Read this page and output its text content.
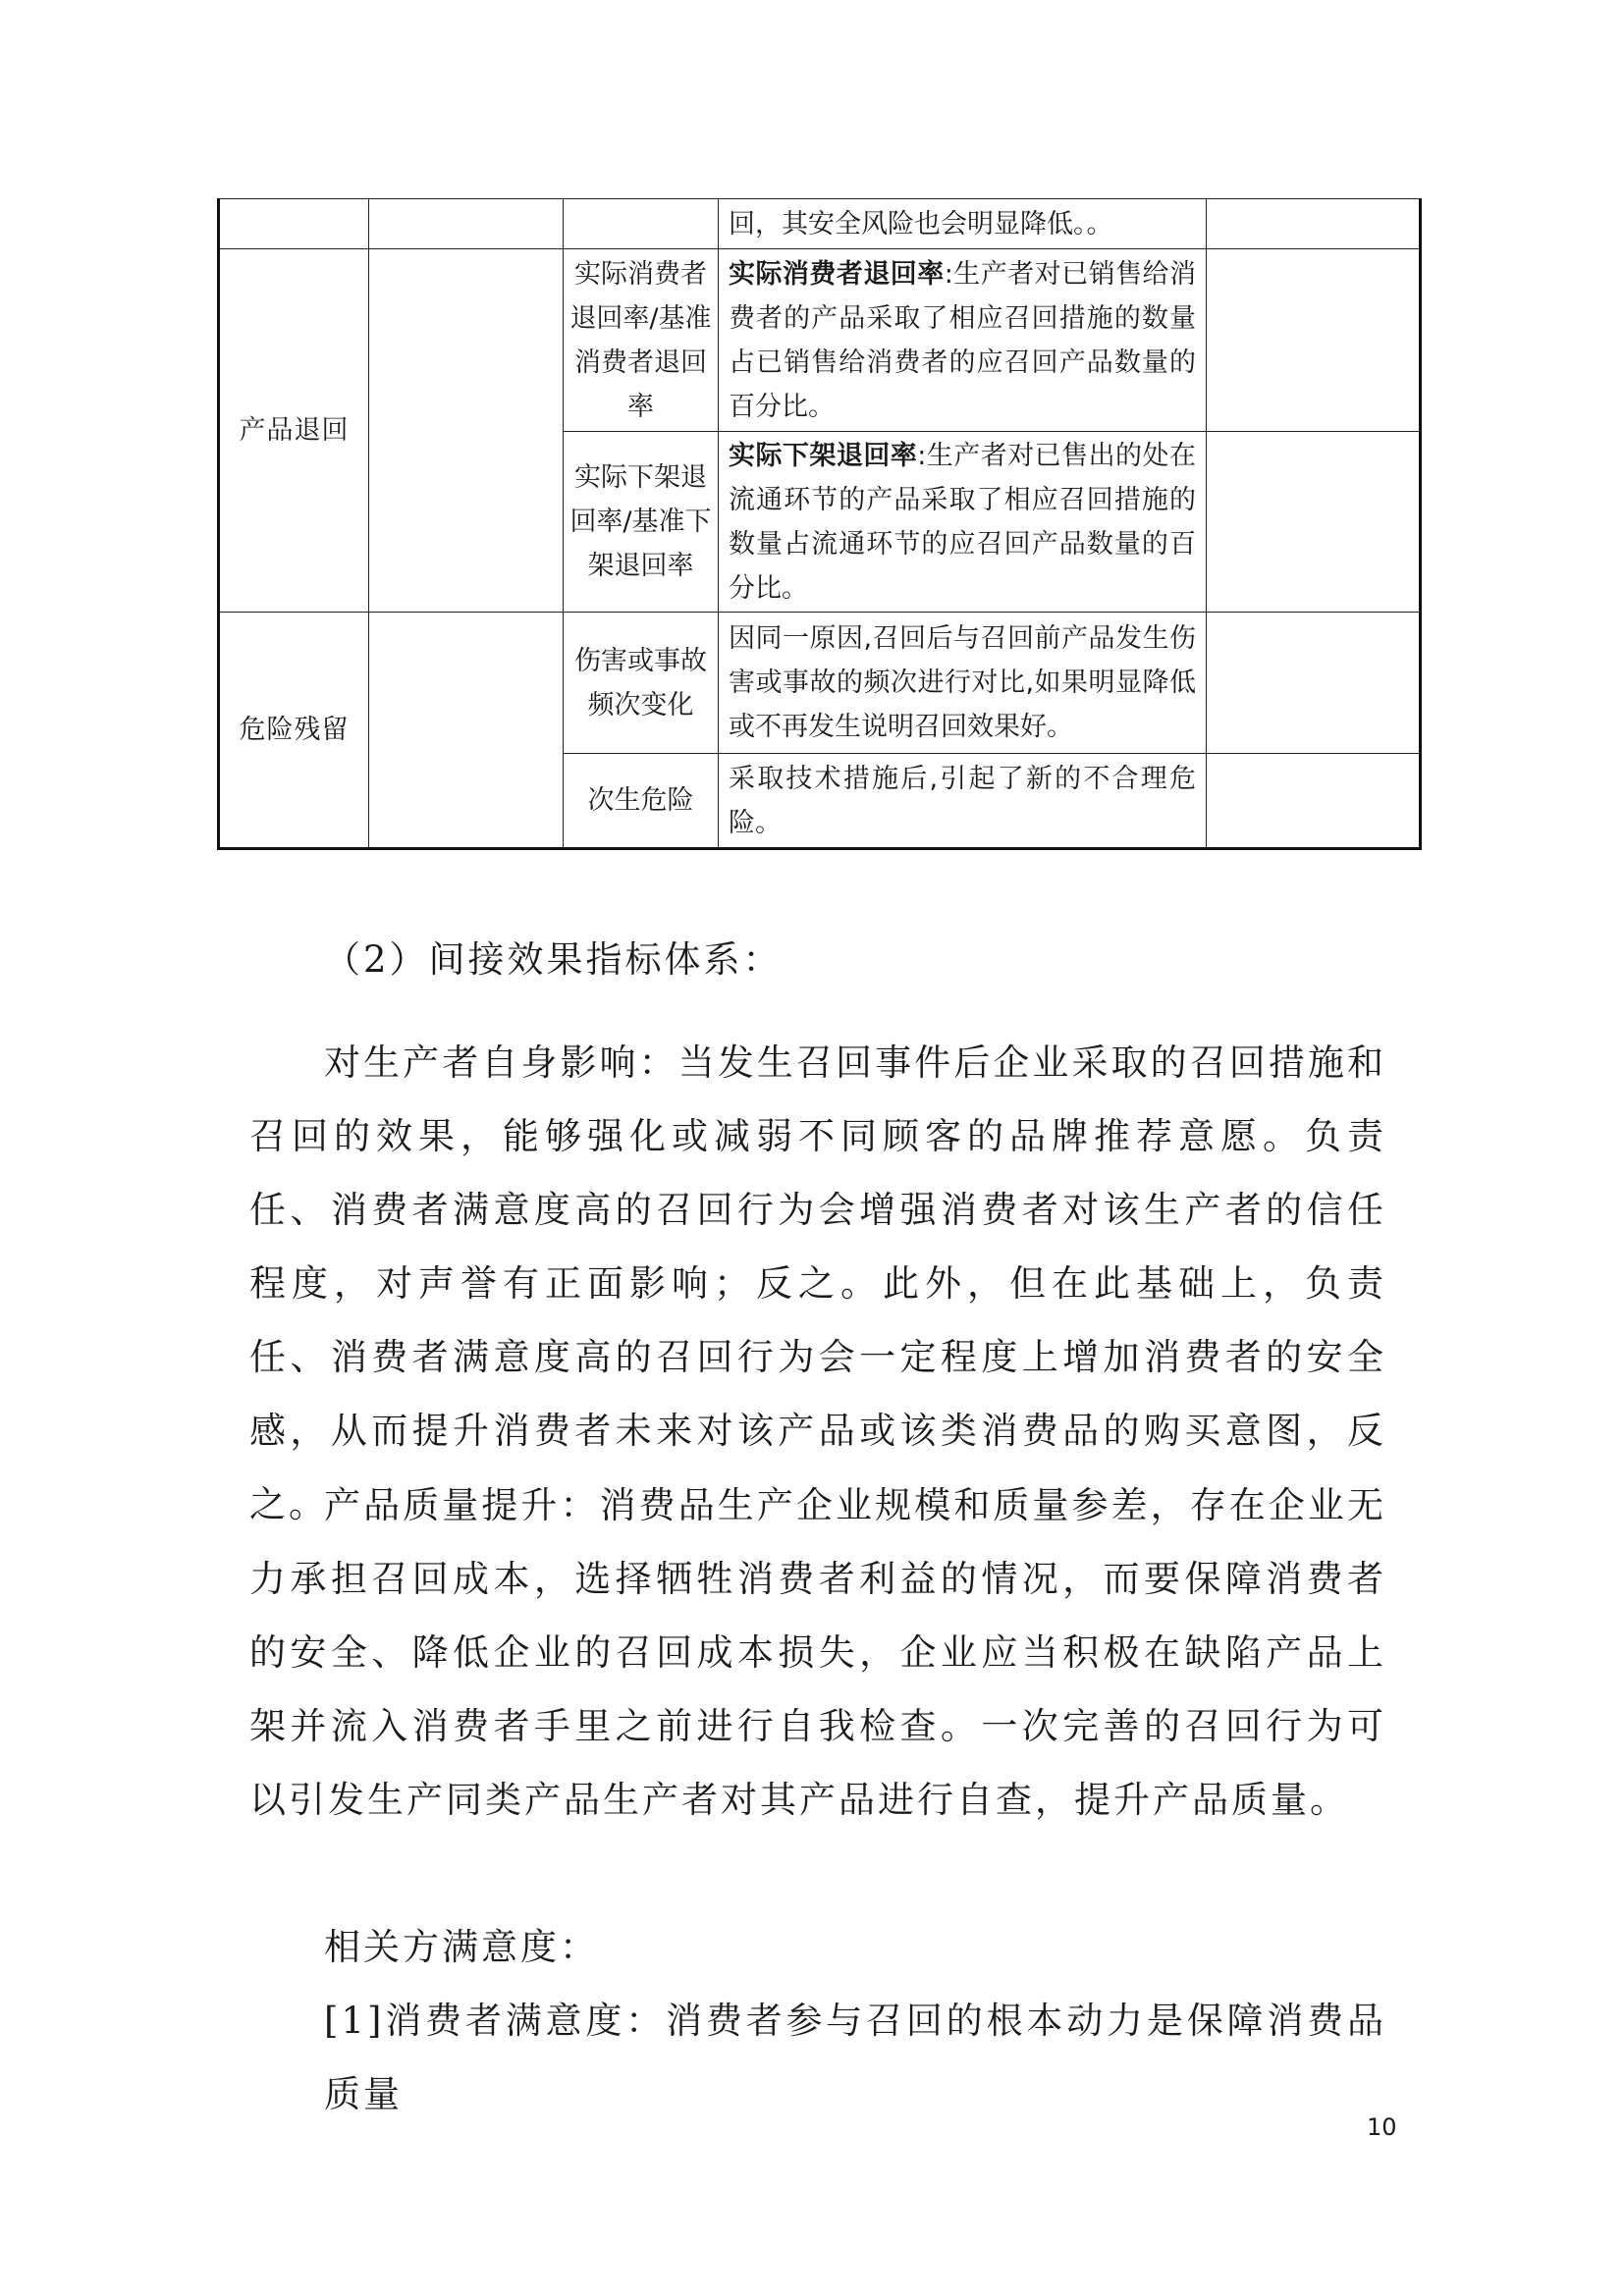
			回，其安全风险也会明显降低。。	
产品退回		实际消费者退回率/基准消费者退回率	实际消费者退回率:生产者对已销售给消费者的产品采取了相应召回措施的数量占已销售给消费者的应召回产品数量的百分比。	
		实际下架退回率/基准下架退回率	实际下架退回率:生产者对已售出的处在流通环节的产品采取了相应召回措施的数量占流通环节的应召回产品数量的百分比。	
危险残留		伤害或事故频次变化	因同一原因,召回后与召回前产品发生伤害或事故的频次进行对比,如果明显降低或不再发生说明召回效果好。	
		次生危险	采取技术措施后,引起了新的不合理危险。	

（2）间接效果指标体系：

对生产者自身影响：当发生召回事件后企业采取的召回措施和召回的效果，能够强化或减弱不同顾客的品牌推荐意愿。负责任、消费者满意度高的召回行为会增强消费者对该生产者的信任程度，对声誉有正面影响；反之。此外，但在此基础上，负责任、消费者满意度高的召回行为会一定程度上增加消费者的安全感，从而提升消费者未来对该产品或该类消费品的购买意图，反之。

产品质量提升：消费品生产企业规模和质量参差，存在企业无力承担召回成本，选择牺牲消费者利益的情况，而要保障消费者的安全、降低企业的召回成本损失，企业应当积极在缺陷产品上架并流入消费者手里之前进行自我检查。一次完善的召回行为可以引发生产同类产品生产者对其产品进行自查，提升产品质量。

相关方满意度：

[1]消费者满意度：消费者参与召回的根本动力是保障消费品质量

10
